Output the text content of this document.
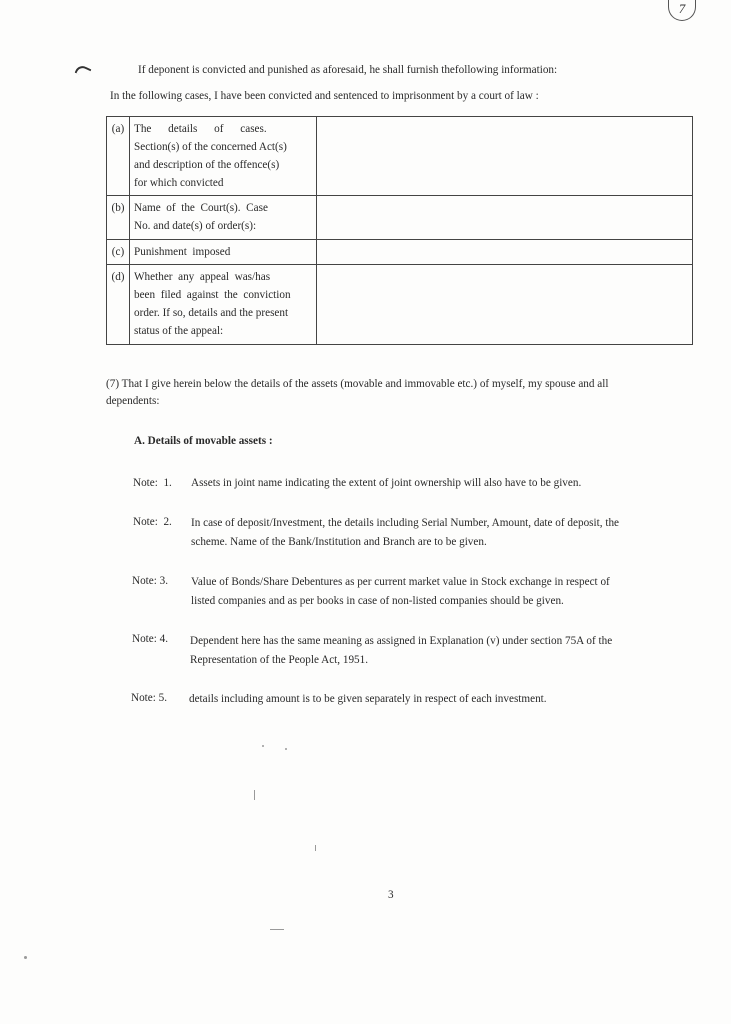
7
If deponent is convicted and punished as aforesaid, he shall furnish thefollowing information:
In the following cases, I have been convicted and sentenced to imprisonment by a court of law :
(a)	The      details      of      cases.
Section(s) of the concerned Act(s)
and description of the offence(s)
for which convicted	

(b)	Name  of  the  Court(s).  Case
No. and date(s) of order(s):	

(c)	Punishment  imposed	

(d)	Whether  any  appeal  was/has
been  filed  against  the  conviction
order. If so, details and the present
status of the appeal:	

(7) That I give herein below the details of the assets (movable and immovable etc.) of myself, my spouse and all
dependents:
A. Details of movable assets :
Note:  1. Assets in joint name indicating the extent of joint ownership will also have to be given.
Note:  2. In case of deposit/Investment, the details including Serial Number, Amount, date of deposit, the
scheme. Name of the Bank/Institution and Branch are to be given.
Note: 3. Value of Bonds/Share Debentures as per current market value in Stock exchange in respect of
listed companies and as per books in case of non-listed companies should be given.
Note: 4. Dependent here has the same meaning as assigned in Explanation (v) under section 75A of the
Representation of the People Act, 1951.
Note: 5. details including amount is to be given separately in respect of each investment.
3
